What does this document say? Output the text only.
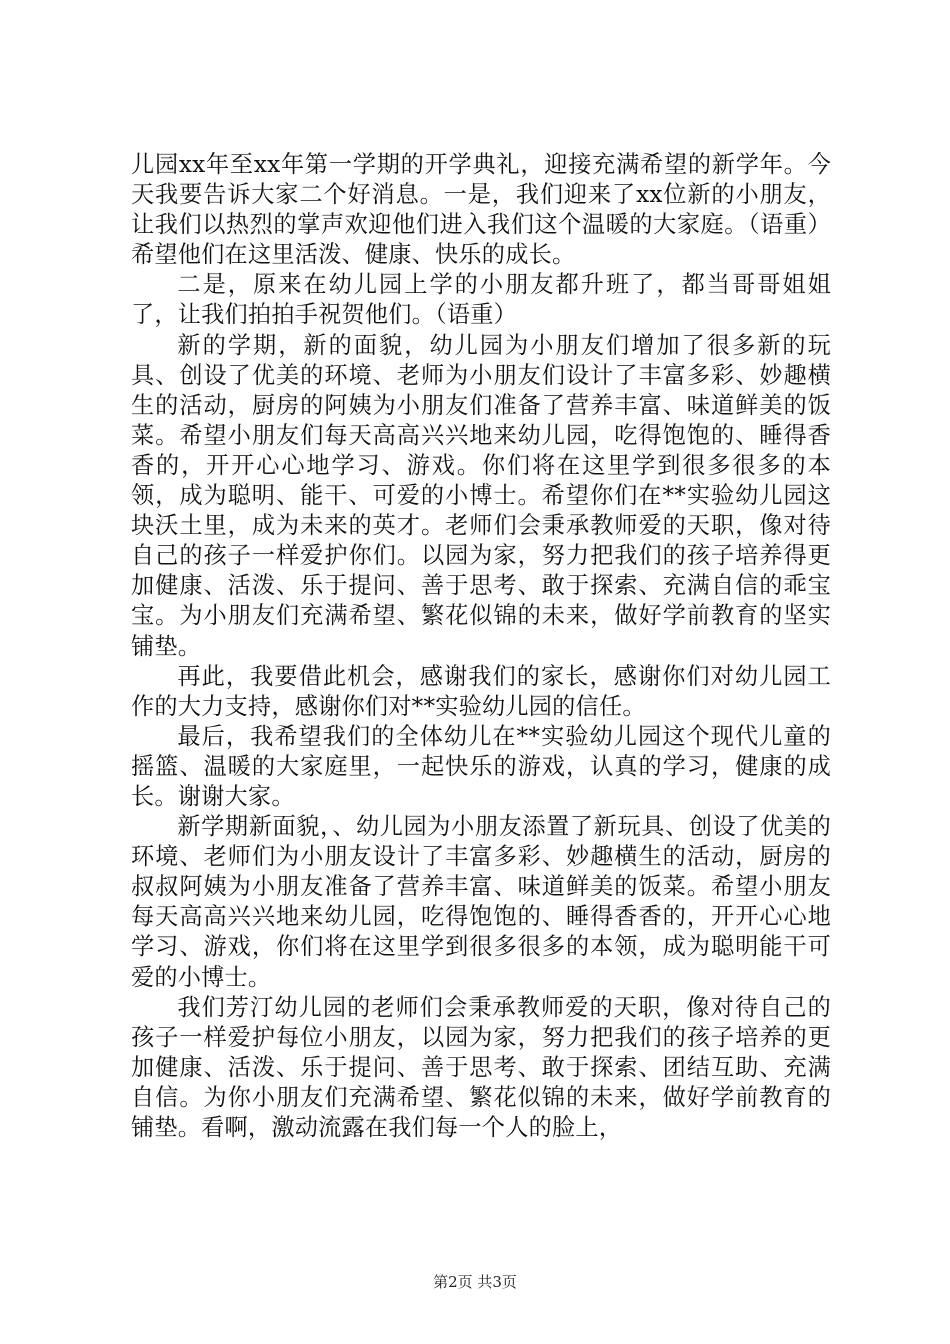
儿园xx年至xx年第一学期的开学典礼，迎接充满希望的新学年。今天我要告诉大家二个好消息。一是，我们迎来了xx位新的小朋友，让我们以热烈的掌声欢迎他们进入我们这个温暖的大家庭。（语重）希望他们在这里活泼、健康、快乐的成长。

二是，原来在幼儿园上学的小朋友都升班了，都当哥哥姐姐了，让我们拍拍手祝贺他们。（语重）

新的学期，新的面貌，幼儿园为小朋友们增加了很多新的玩具、创设了优美的环境、老师为小朋友们设计了丰富多彩、妙趣横生的活动，厨房的阿姨为小朋友们准备了营养丰富、味道鲜美的饭菜。希望小朋友们每天高高兴兴地来幼儿园，吃得饱饱的、睡得香香的，开开心心地学习、游戏。你们将在这里学到很多很多的本领，成为聪明、能干、可爱的小博士。希望你们在**实验幼儿园这块沃土里，成为未来的英才。老师们会秉承教师爱的天职，像对待自己的孩子一样爱护你们。以园为家，努力把我们的孩子培养得更加健康、活泼、乐于提问、善于思考、敢于探索、充满自信的乖宝宝。为小朋友们充满希望、繁花似锦的未来，做好学前教育的坚实铺垫。

再此，我要借此机会，感谢我们的家长，感谢你们对幼儿园工作的大力支持，感谢你们对**实验幼儿园的信任。

最后，我希望我们的全体幼儿在**实验幼儿园这个现代儿童的摇篮、温暖的大家庭里，一起快乐的游戏，认真的学习，健康的成长。谢谢大家。

新学期新面貌，、幼儿园为小朋友添置了新玩具、创设了优美的环境、老师们为小朋友设计了丰富多彩、妙趣横生的活动，厨房的叔叔阿姨为小朋友准备了营养丰富、味道鲜美的饭菜。希望小朋友每天高高兴兴地来幼儿园，吃得饱饱的、睡得香香的，开开心心地学习、游戏，你们将在这里学到很多很多的本领，成为聪明能干可爱的小博士。

我们芳汀幼儿园的老师们会秉承教师爱的天职，像对待自己的孩子一样爱护每位小朋友，以园为家，努力把我们的孩子培养的更加健康、活泼、乐于提问、善于思考、敢于探索、团结互助、充满自信。为你小朋友们充满希望、繁花似锦的未来，做好学前教育的铺垫。看啊，激动流露在我们每一个人的脸上，

第2页 共3页
